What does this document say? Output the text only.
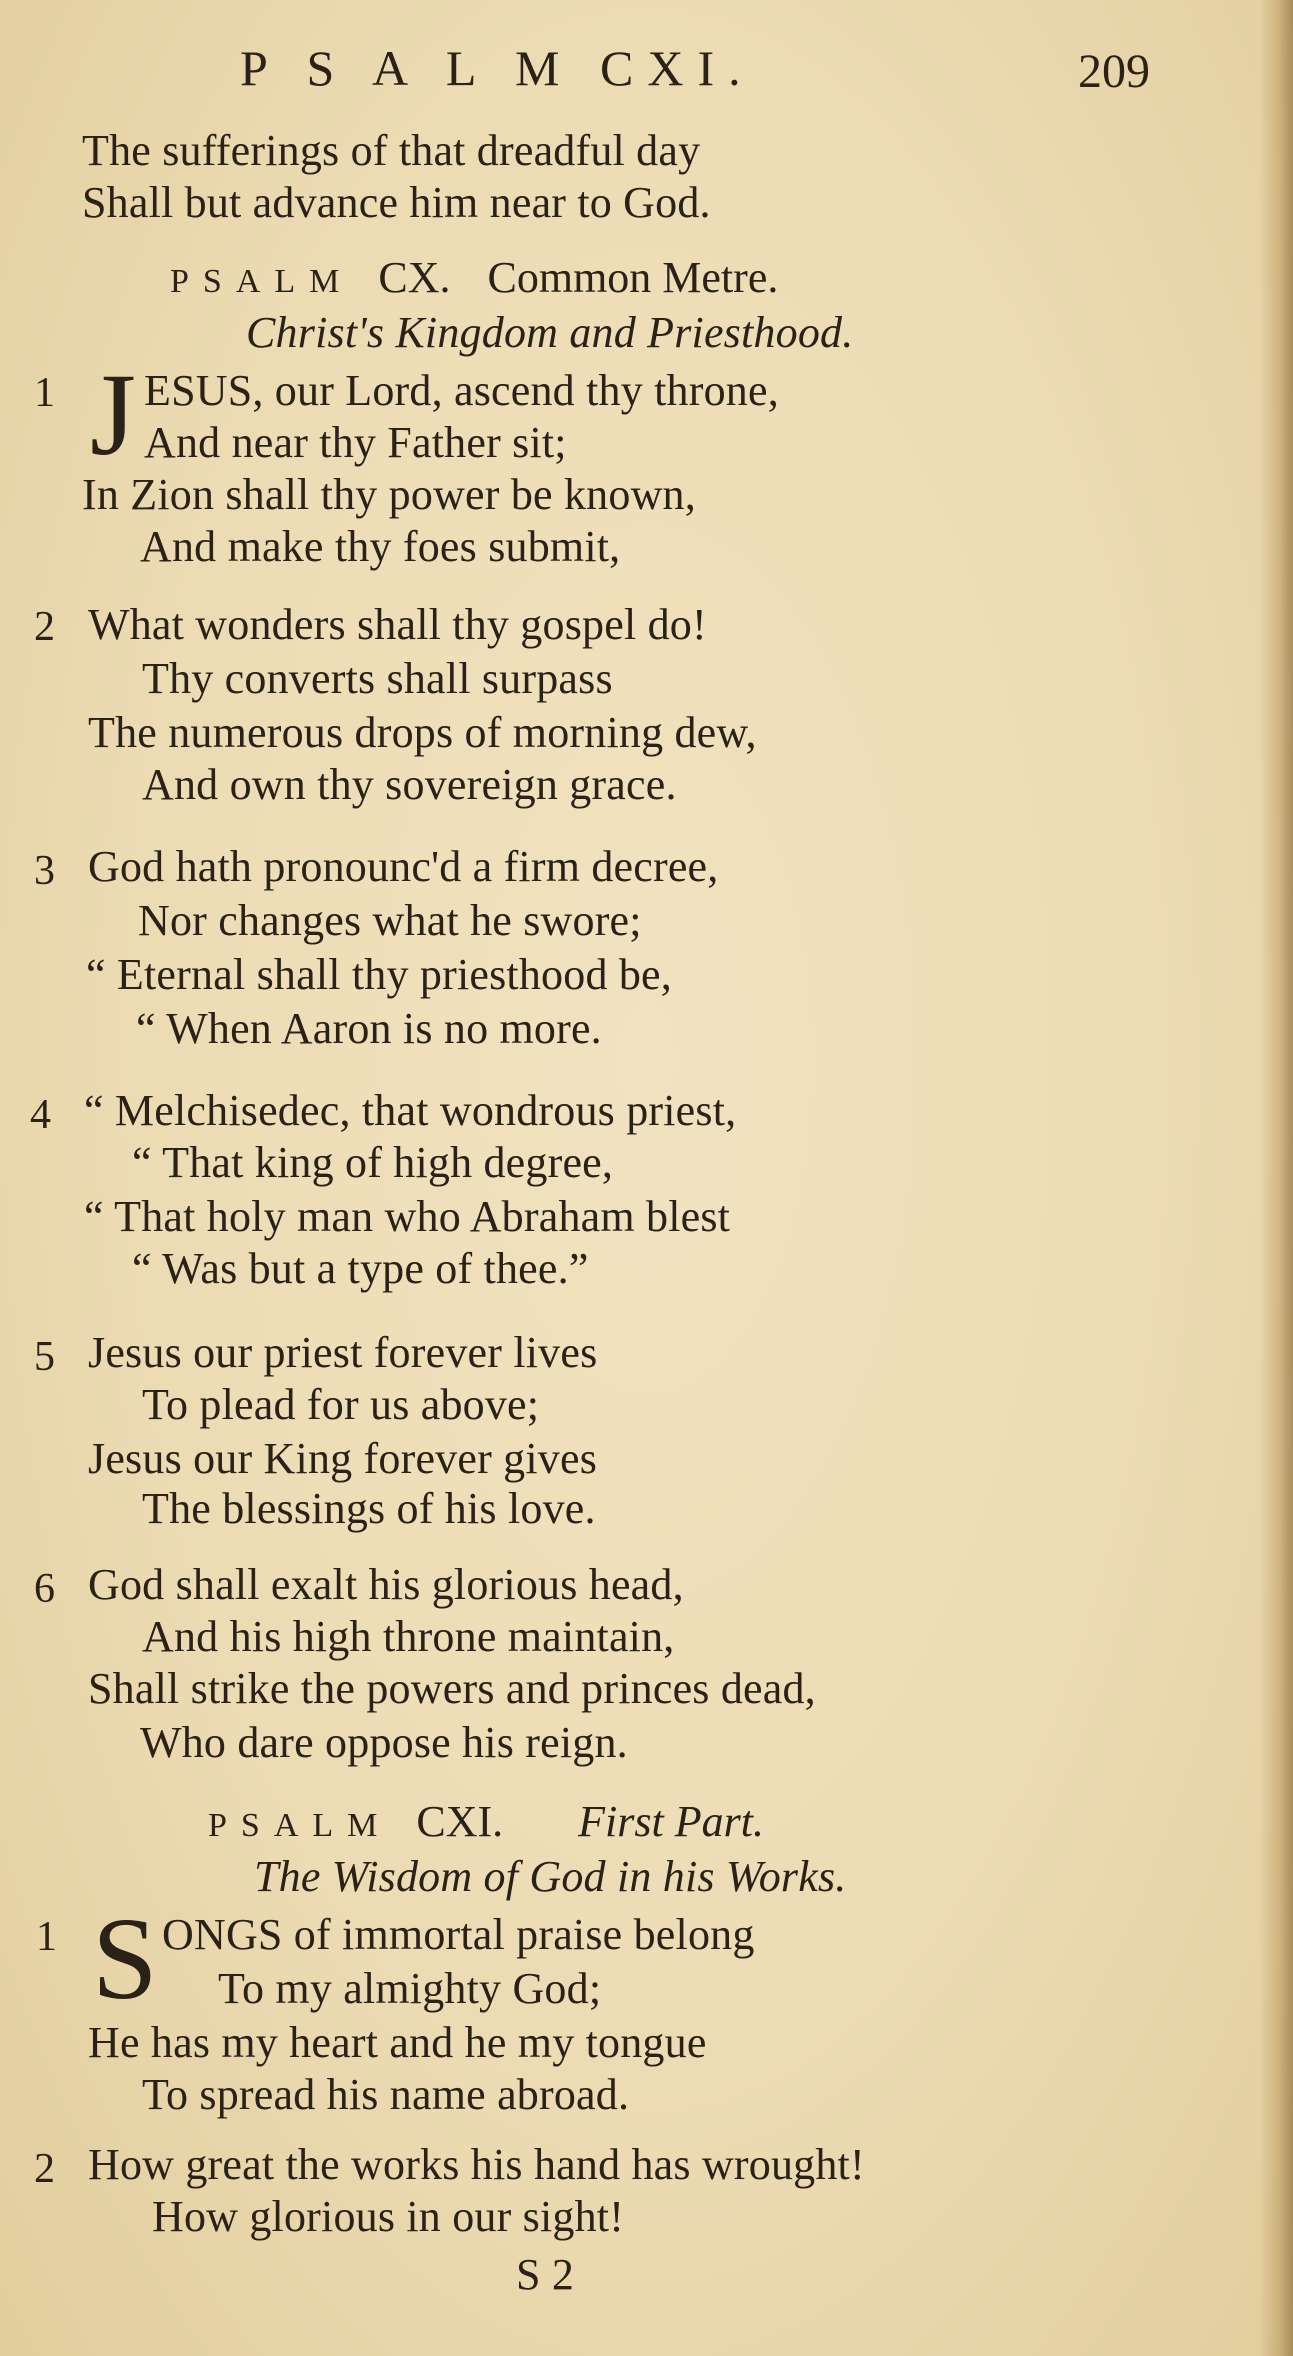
P S A L M CXI.	209
The sufferings of that dreadful day
Shall but advance him near to God.
PSALM CX. Common Metre.
Christ's Kingdom and Priesthood.
1 J ESUS, our Lord, ascend thy throne,
And near thy Father sit;
In Zion shall thy power be known,
And make thy foes submit,
2 What wonders shall thy gospel do!
Thy converts shall surpass
The numerous drops of morning dew,
And own thy sovereign grace.
3 God hath pronounc'd a firm decree,
Nor changes what he swore;
“ Eternal shall thy priesthood be,
“ When Aaron is no more.
4 “ Melchisedec, that wondrous priest,
“ That king of high degree,
“ That holy man who Abraham blest
“ Was but a type of thee.”
5 Jesus our priest forever lives
To plead for us above;
Jesus our King forever gives
The blessings of his love.
6 God shall exalt his glorious head,
And his high throne maintain,
Shall strike the powers and princes dead,
Who dare oppose his reign.
PSALM CXI. First Part.
The Wisdom of God in his Works.
1 S ONGS of immortal praise belong
To my almighty God;
He has my heart and he my tongue
To spread his name abroad.
2 How great the works his hand has wrought!
How glorious in our sight!
S 2
